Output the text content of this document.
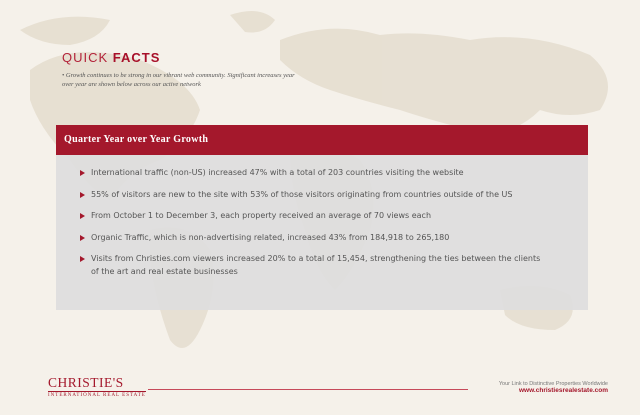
QUICK FACTS
• Growth continues to be strong in our vibrant web community. Significant increases year over year are shown below across our active network
Quarter Year over Year Growth
International traffic (non-US) increased 47% with a total of 203 countries visiting the website
55% of visitors are new to the site with 53% of those visitors originating from countries outside of the US
From October 1 to December 3, each property received an average of 70 views each
Organic Traffic, which is non-advertising related, increased 43% from 184,918 to 265,180
Visits from Christies.com viewers increased 20% to a total of 15,454, strengthening the ties between the clients of the art and real estate businesses
CHRISTIE'S
INTERNATIONAL REAL ESTATE
Your Link to Distinctive Properties Worldwide
www.christiesrealestate.com
